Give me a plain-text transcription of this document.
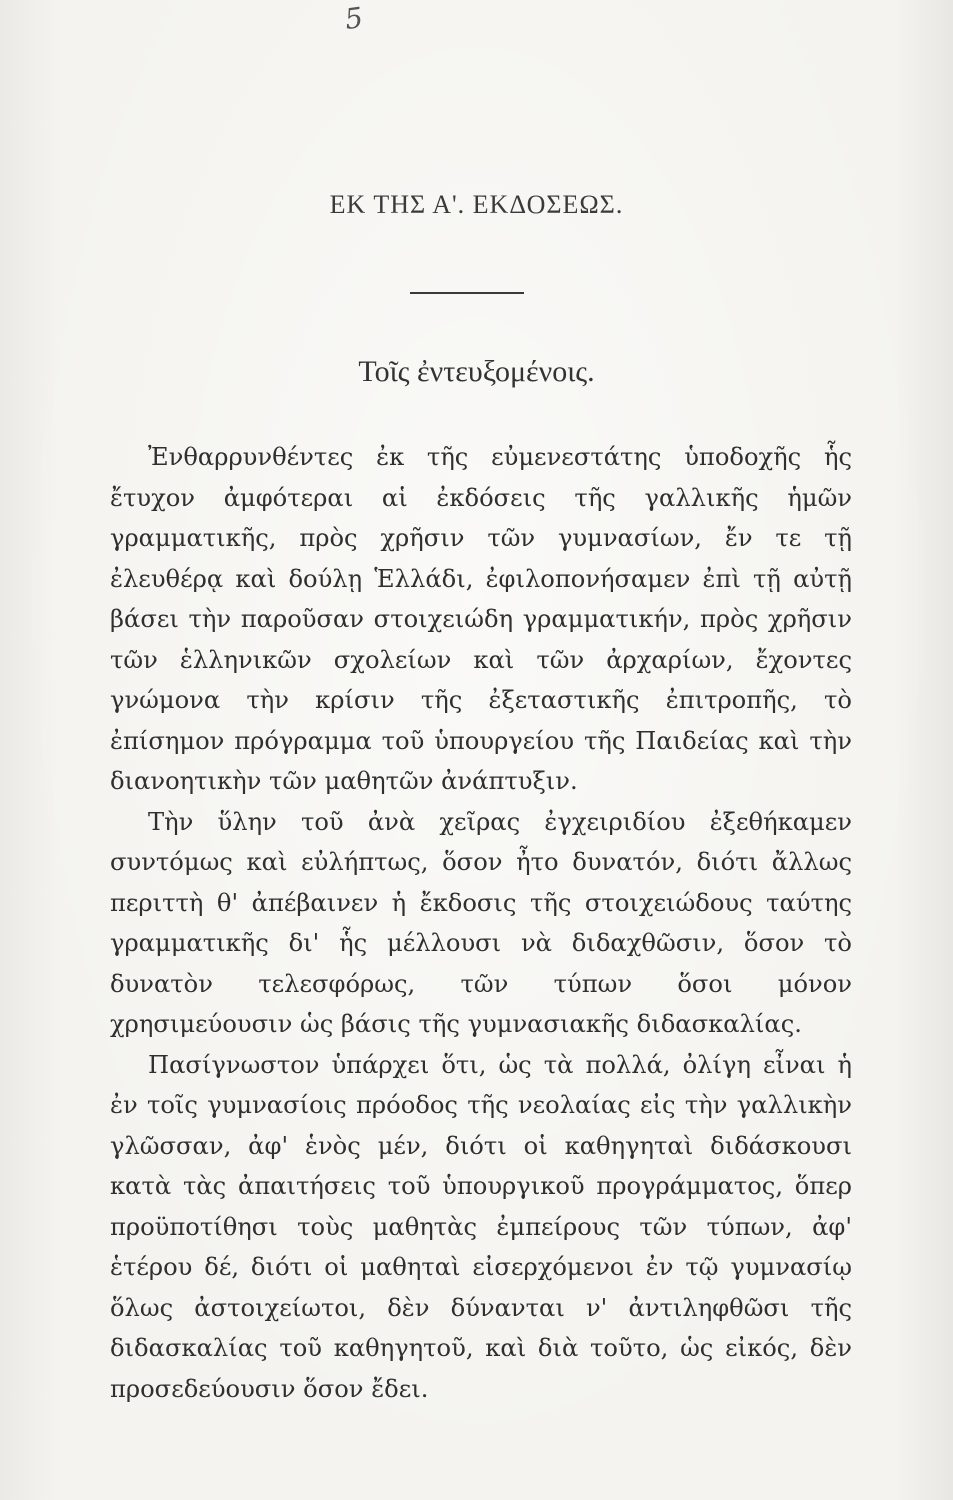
5
ΕΚ ΤΗΣ Α'. ΕΚΔΟΣΕΩΣ.
Τοῖς ἐντευξομένοις.

Ἐνθαρρυνθέντες ἐκ τῆς εὐμενεστάτης ὑποδοχῆς ἧς ἔτυχον ἀμφότεραι αἱ ἐκδόσεις τῆς γαλλικῆς ἡμῶν γραμματικῆς, πρὸς χρῆσιν τῶν γυμνασίων, ἔν τε τῇ ἐλευθέρᾳ καὶ δούλῃ Ἑλλάδι, ἐφιλοπονήσαμεν ἐπὶ τῇ αὐτῇ βάσει τὴν παροῦσαν στοιχειώδη γραμματικήν, πρὸς χρῆσιν τῶν ἑλληνικῶν σχολείων καὶ τῶν ἀρχαρίων, ἔχοντες γνώμονα τὴν κρίσιν τῆς ἐξεταστικῆς ἐπιτροπῆς, τὸ ἐπίσημον πρόγραμμα τοῦ ὑπουργείου τῆς Παιδείας καὶ τὴν διανοητικὴν τῶν μαθητῶν ἀνάπτυξιν.

Τὴν ὕλην τοῦ ἀνὰ χεῖρας ἐγχειριδίου ἐξεθήκαμεν συντόμως καὶ εὐλήπτως, ὅσον ἦτο δυνατόν, διότι ἄλλως περιττὴ θ' ἀπέβαινεν ἡ ἔκδοσις τῆς στοιχειώδους ταύτης γραμματικῆς δι' ἧς μέλλουσι νὰ διδαχθῶσιν, ὅσον τὸ δυνατὸν τελεσφόρως, τῶν τύπων ὅσοι μόνον χρησιμεύουσιν ὡς βάσις τῆς γυμνασιακῆς διδασκαλίας.

Πασίγνωστον ὑπάρχει ὅτι, ὡς τὰ πολλά, ὀλίγη εἶναι ἡ ἐν τοῖς γυμνασίοις πρόοδος τῆς νεολαίας εἰς τὴν γαλλικὴν γλῶσσαν, ἀφ' ἑνὸς μέν, διότι οἱ καθηγηταὶ διδάσκουσι κατὰ τὰς ἀπαιτήσεις τοῦ ὑπουργικοῦ προγράμματος, ὅπερ προϋποτίθησι τοὺς μαθητὰς ἐμπείρους τῶν τύπων, ἀφ' ἑτέρου δέ, διότι οἱ μαθηταὶ εἰσερχόμενοι ἐν τῷ γυμνασίῳ ὅλως ἀστοιχείωτοι, δὲν δύνανται ν' ἀντιληφθῶσι τῆς διδασκαλίας τοῦ καθηγητοῦ, καὶ διὰ τοῦτο, ὡς εἰκός, δὲν προσεδεύουσιν ὅσον ἔδει.
